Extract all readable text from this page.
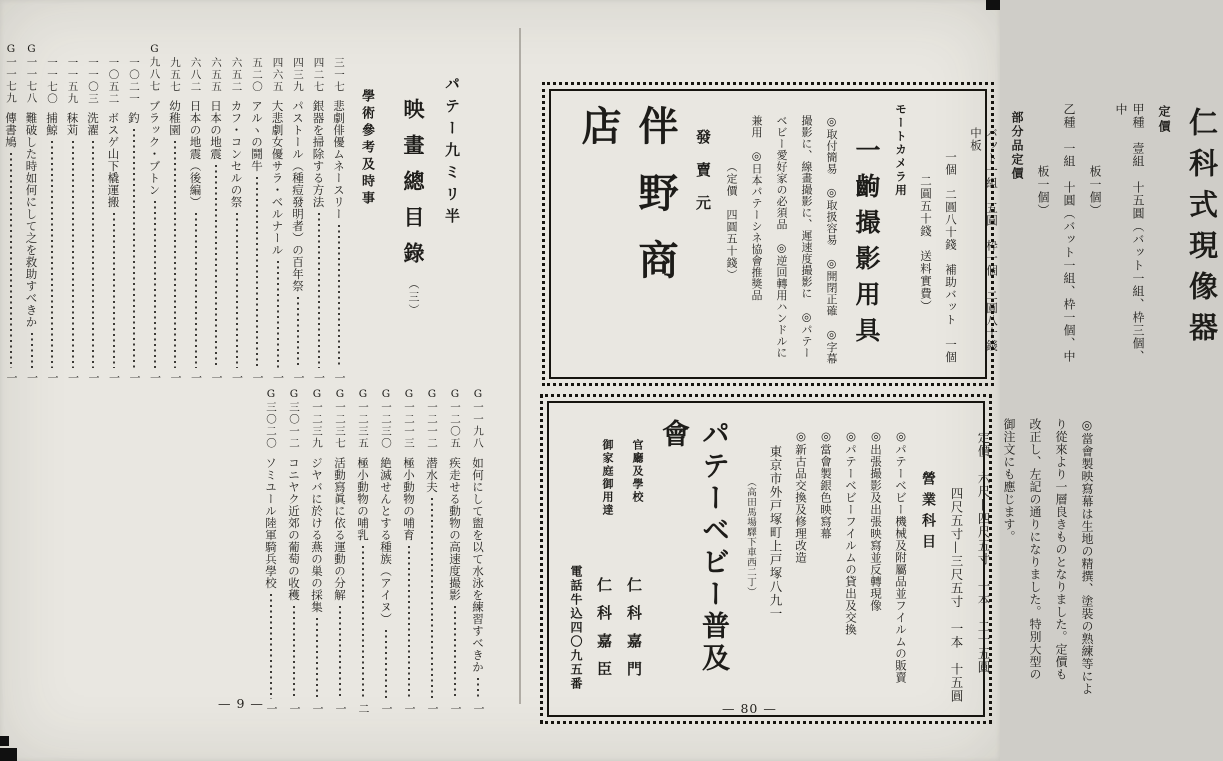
パテー九ミリ半
映畫總目錄（三）
學術參考及時事
三一七
悲劇俳優ムネースリー
一
四二七
銀器を掃除する方法
一
四三九
パストール（種痘發明者）の百年祭
一
四六五
大悲劇女優サラ・ベルナール
一
五二〇
アルヽの鬪牛
一
六五二
カフ・コンセルの祭
一
六五五
日本の地震
一
六八二
日本の地震（後編）
一
九五七
幼稚園
一
G九八七
ブラック・ブトン
一
一〇二一
釣
一
一〇五二
ボスゲ山下橇運搬
一
一一〇三
洗濯
一
一一五九
秣苅
一
一一七〇
捕鯨
一
G一一七八
難破した時如何にして之を救助すべきか
一
G一一七九
傳書鳩
一
G一一九八
如何にして盥を以て水泳を練習すべきか
一
G一二〇五
疾走せる動物の高速度撮影
一
G一二一二
潜水夫
一
G一二一三
極小動物の哺育
一
G一二三〇
絶滅せんとする種族（アイヌ）
一
G一二三五
極小動物の哺乳
二
G一二三七
活動寫眞に依る運動の分解
一
G一二三九
ジヤバに於ける燕の巣の採集
一
G三〇一二
コニヤク近郊の葡萄の收穫
一
G三〇二〇
ソミユール陸軍騎兵學校
一
— 9 —
仁科式現像器
定價
甲種　壹組　十五圓（バット一組、枠三個、中
板一個）
乙種　一組　十圓（バット一組、枠一個、中
板一個）
部分品定價
バット一組　五圓　枠一個　二圓八十錢　中板
一個　二圓八十錢　補助バット　一個
二圓五十錢　送料實費）
モートカメラ用
一齣撮影用具
◎取付簡易　◎取扱容易　◎開閉正確　◎字幕
撮影に、線畫撮影に、遲速度撮影に　◎パテー
ベビー愛好家の必須品　◎逆回轉用ハンドルに
兼用　◎日本パテーシネ協會推獎品
（定價　四圓五十錢）
發賣元
伴野商店
◎當會製映寫幕は生地の精撰、塗裝の熟練等によ
り從來より一層良きものとなりました。定價も
改正し、左記の通りになりました。特別大型の
御注文にも應じます。
定價　六尺—四尺五寸　一本　二十五圓
四尺五寸—三尺五寸　一本　十五圓
營業科目
◎パテーベビー機械及附屬品並フイルムの販賣
◎出張撮影及出張映寫並反轉現像
◎パテーベビーフイルムの貸出及交換
◎當會製銀色映寫幕
◎新古品交換及修理改造
東京市外戸塚町上戸塚八九一
（高田馬場驛下車西二丁）
パテーベビー普及會
官廳及學校
仁科嘉門
御家庭御用達
仁科嘉臣
電話牛込四〇九五番
— 80 —
